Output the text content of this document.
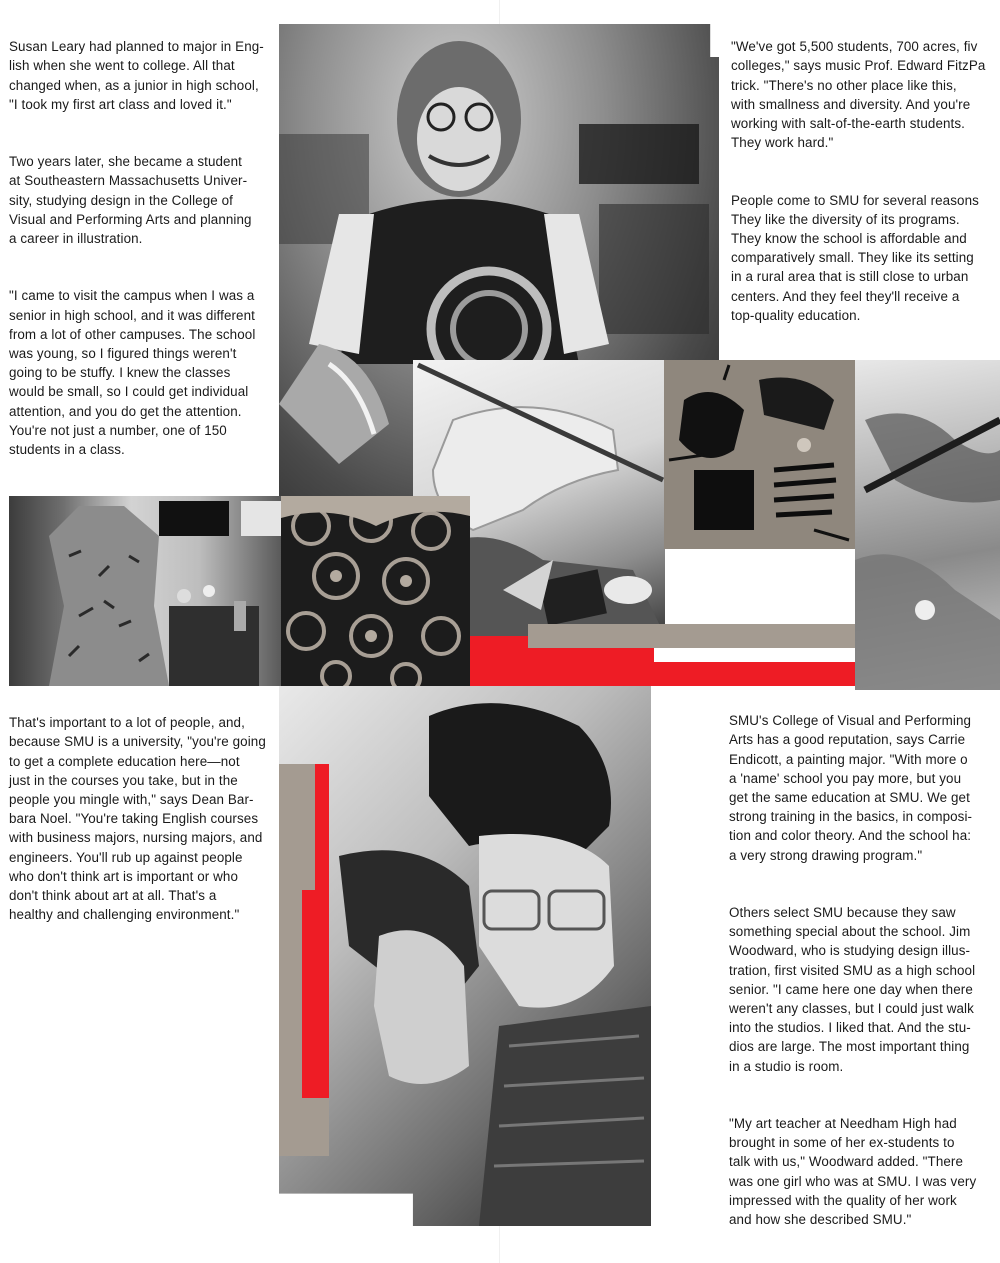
Susan Leary had planned to major in Eng-
lish when she went to college. All that
changed when, as a junior in high school,
"I took my first art class and loved it."

Two years later, she became a student
at Southeastern Massachusetts Univer-
sity, studying design in the College of
Visual and Performing Arts and planning
a career in illustration.

"I came to visit the campus when I was a
senior in high school, and it was different
from a lot of other campuses. The school
was young, so I figured things weren't
going to be stuffy. I knew the classes
would be small, so I could get individual
attention, and you do get the attention.
You're not just a number, one of 150
students in a class.

That's important to a lot of people, and,
because SMU is a university, "you're going
to get a complete education here—not
just in the courses you take, but in the
people you mingle with," says Dean Bar-
bara Noel. "You're taking English courses
with business majors, nursing majors, and
engineers. You'll rub up against people
who don't think art is important or who
don't think about art at all. That's a
healthy and challenging environment."

"We've got 5,500 students, 700 acres, fiv
colleges," says music Prof. Edward FitzPa
trick. "There's no other place like this,
with smallness and diversity. And you're
working with salt-of-the-earth students.
They work hard."

People come to SMU for several reasons
They like the diversity of its programs.
They know the school is affordable and
comparatively small. They like its setting
in a rural area that is still close to urban
centers. And they feel they'll receive a
top-quality education.

SMU's College of Visual and Performing
Arts has a good reputation, says Carrie
Endicott, a painting major. "With more o
a 'name' school you pay more, but you
get the same education at SMU. We get
strong training in the basics, in composi-
tion and color theory. And the school ha:
a very strong drawing program."

Others select SMU because they saw
something special about the school. Jim
Woodward, who is studying design illus-
tration, first visited SMU as a high school
senior. "I came here one day when there
weren't any classes, but I could just walk
into the studios. I liked that. And the stu-
dios are large. The most important thing
in a studio is room.

"My art teacher at Needham High had
brought in some of her ex-students to
talk with us," Woodward added. "There
was one girl who was at SMU. I was very
impressed with the quality of her work
and how she described SMU."
